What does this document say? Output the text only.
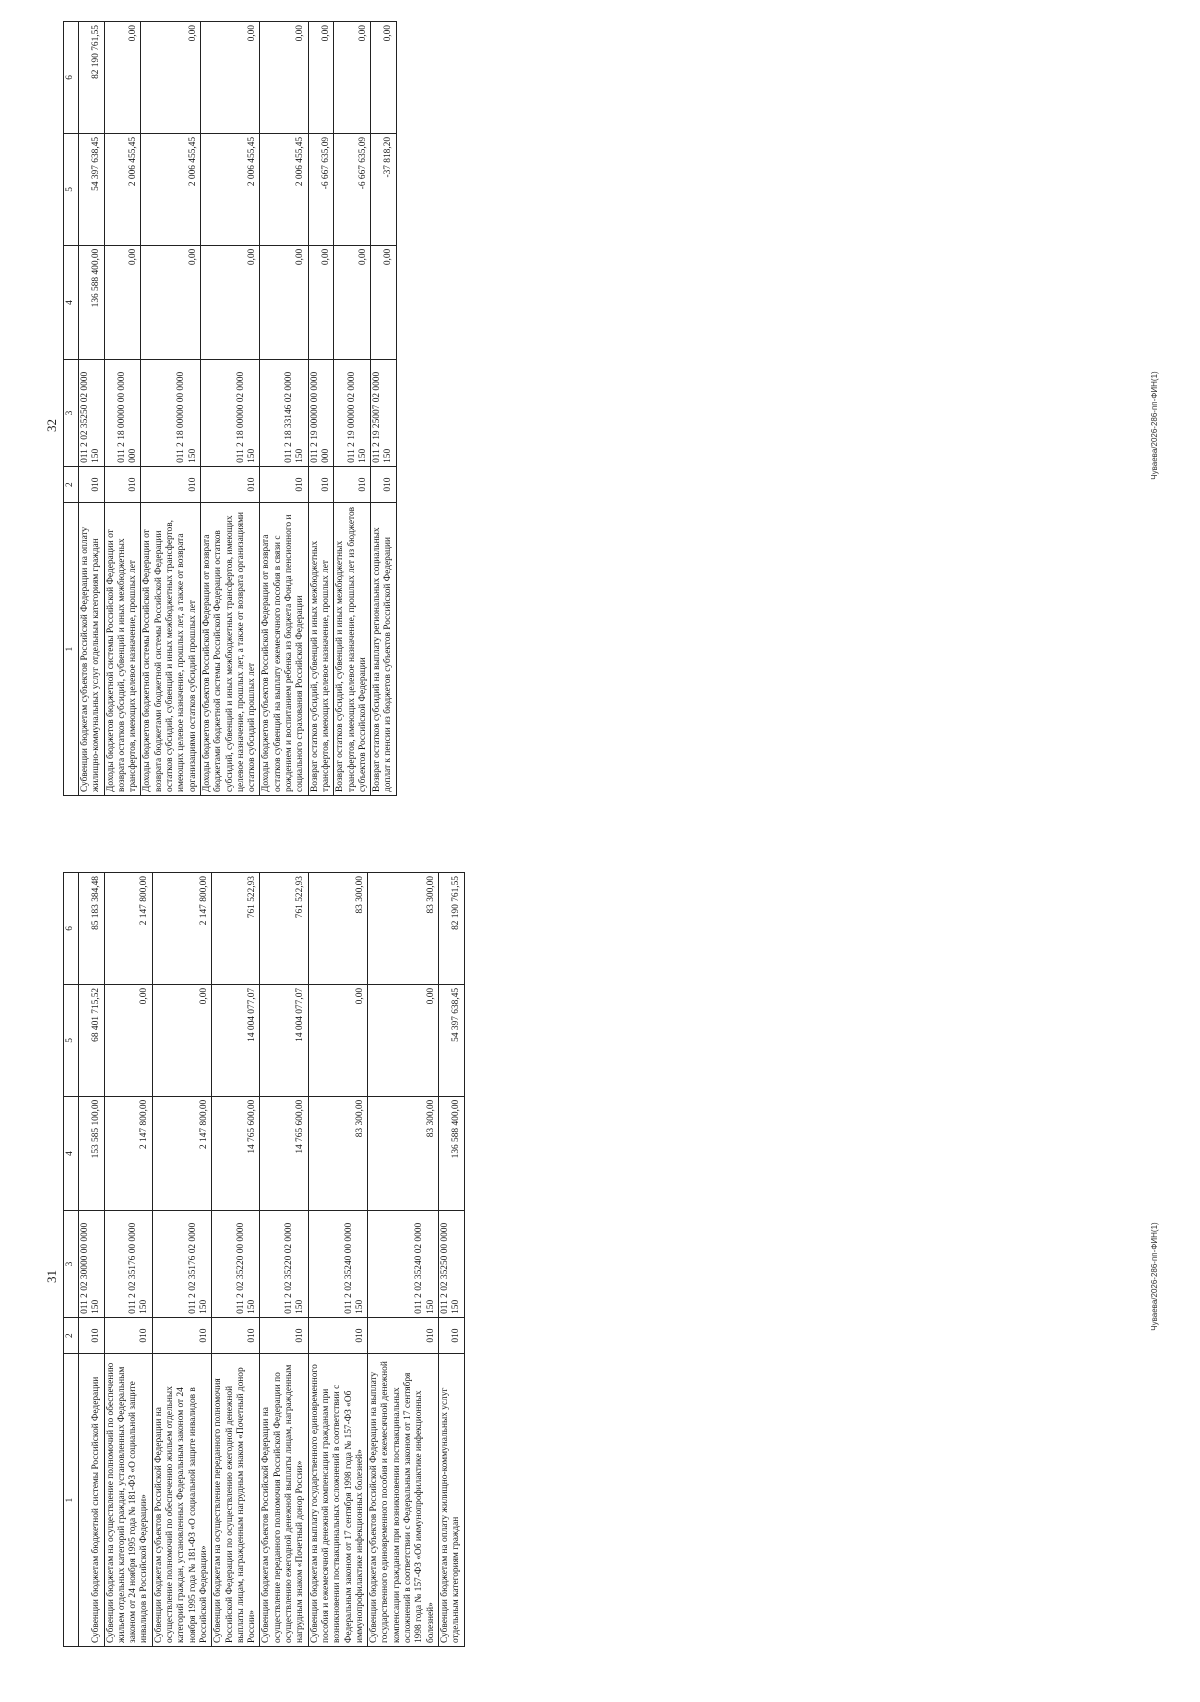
32
1	2	3	4	5	6
Субвенции бюджетам субъектов Российской Федерации на оплату жилищно-коммунальных услуг отдельным категориям граждан	010	011 2 02 35250 02 0000 150	136 588 400,00	54 397 638,45	82 190 761,55
Доходы бюджетов бюджетной системы Российской Федерации от возврата остатков субсидий, субвенций и иных межбюджетных трансфертов, имеющих целевое назначение, прошлых лет	010	011 2 18 00000 00 0000 000	0,00	2 006 455,45	0,00
Доходы бюджетов бюджетной системы Российской Федерации от возврата бюджетами бюджетной системы Российской Федерации остатков субсидий, субвенций и иных межбюджетных трансфертов, имеющих целевое назначение, прошлых лет, а также от возврата организациями остатков субсидий прошлых лет	010	011 2 18 00000 00 0000 150	0,00	2 006 455,45	0,00
Доходы бюджетов субъектов Российской Федерации от возврата бюджетами бюджетной системы Российской Федерации остатков субсидий, субвенций и иных межбюджетных трансфертов, имеющих целевое назначение, прошлых лет, а также от возврата организациями остатков субсидий прошлых лет	010	011 2 18 00000 02 0000 150	0,00	2 006 455,45	0,00
Доходы бюджетов субъектов Российской Федерации от возврата остатков субвенций на выплату ежемесячного пособия в связи с рождением и воспитанием ребенка из бюджета Фонда пенсионного и социального страхования Российской Федерации	010	011 2 18 33146 02 0000 150	0,00	2 006 455,45	0,00
Возврат остатков субсидий, субвенций и иных межбюджетных трансфертов, имеющих целевое назначение, прошлых лет	010	011 2 19 00000 00 0000 000	0,00	-6 667 635,09	0,00
Возврат остатков субсидий, субвенций и иных межбюджетных трансфертов, имеющих целевое назначение, прошлых лет из бюджетов субъектов Российской Федерации	010	011 2 19 00000 02 0000 150	0,00	-6 667 635,09	0,00
Возврат остатков субсидий на выплату региональных социальных доплат к пенсии из бюджетов субъектов Российской Федерации	010	011 2 19 25007 02 0000 150	0,00	-37 818,20	0,00
Чуваева/2026-286-пп-ФИН(1)
31
1	2	3	4	5	6
Субвенции бюджетам бюджетной системы Российской Федерации	010	011 2 02 30000 00 0000 150	153 585 100,00	68 401 715,52	85 183 384,48
Субвенции бюджетам на осуществление полномочий по обеспечению жильем отдельных категорий граждан, установленных Федеральным законом от 24 ноября 1995 года № 181-ФЗ «О социальной защите инвалидов в Российской Федерации»	010	011 2 02 35176 00 0000 150	2 147 800,00	0,00	2 147 800,00
Субвенции бюджетам субъектов Российской Федерации на осуществление полномочий по обеспечению жильем отдельных категорий граждан, установленных Федеральным законом от 24 ноября 1995 года № 181-ФЗ «О социальной защите инвалидов в Российской Федерации»	010	011 2 02 35176 02 0000 150	2 147 800,00	0,00	2 147 800,00
Субвенции бюджетам на осуществление переданного полномочия Российской Федерации по осуществлению ежегодной денежной выплаты лицам, награжденным нагрудным знаком «Почетный донор России»	010	011 2 02 35220 00 0000 150	14 765 600,00	14 004 077,07	761 522,93
Субвенции бюджетам субъектов Российской Федерации на осуществление переданного полномочия Российской Федерации по осуществлению ежегодной денежной выплаты лицам, награжденным нагрудным знаком «Почетный донор России»	010	011 2 02 35220 02 0000 150	14 765 600,00	14 004 077,07	761 522,93
Субвенции бюджетам на выплату государственного единовременного пособия и ежемесячной денежной компенсации гражданам при возникновении поствакцинальных осложнений в соответствии с Федеральным законом от 17 сентября 1998 года № 157-ФЗ «Об иммунопрофилактике инфекционных болезней»	010	011 2 02 35240 00 0000 150	83 300,00	0,00	83 300,00
Субвенции бюджетам субъектов Российской Федерации на выплату государственного единовременного пособия и ежемесячной денежной компенсации гражданам при возникновении поствакцинальных осложнений в соответствии с Федеральным законом от 17 сентября 1998 года № 157-ФЗ «Об иммунопрофилактике инфекционных болезней»	010	011 2 02 35240 02 0000 150	83 300,00	0,00	83 300,00
Субвенции бюджетам на оплату жилищно-коммунальных услуг отдельным категориям граждан	010	011 2 02 35250 00 0000 150	136 588 400,00	54 397 638,45	82 190 761,55
Чуваева/2026-286-пп-ФИН(1)
